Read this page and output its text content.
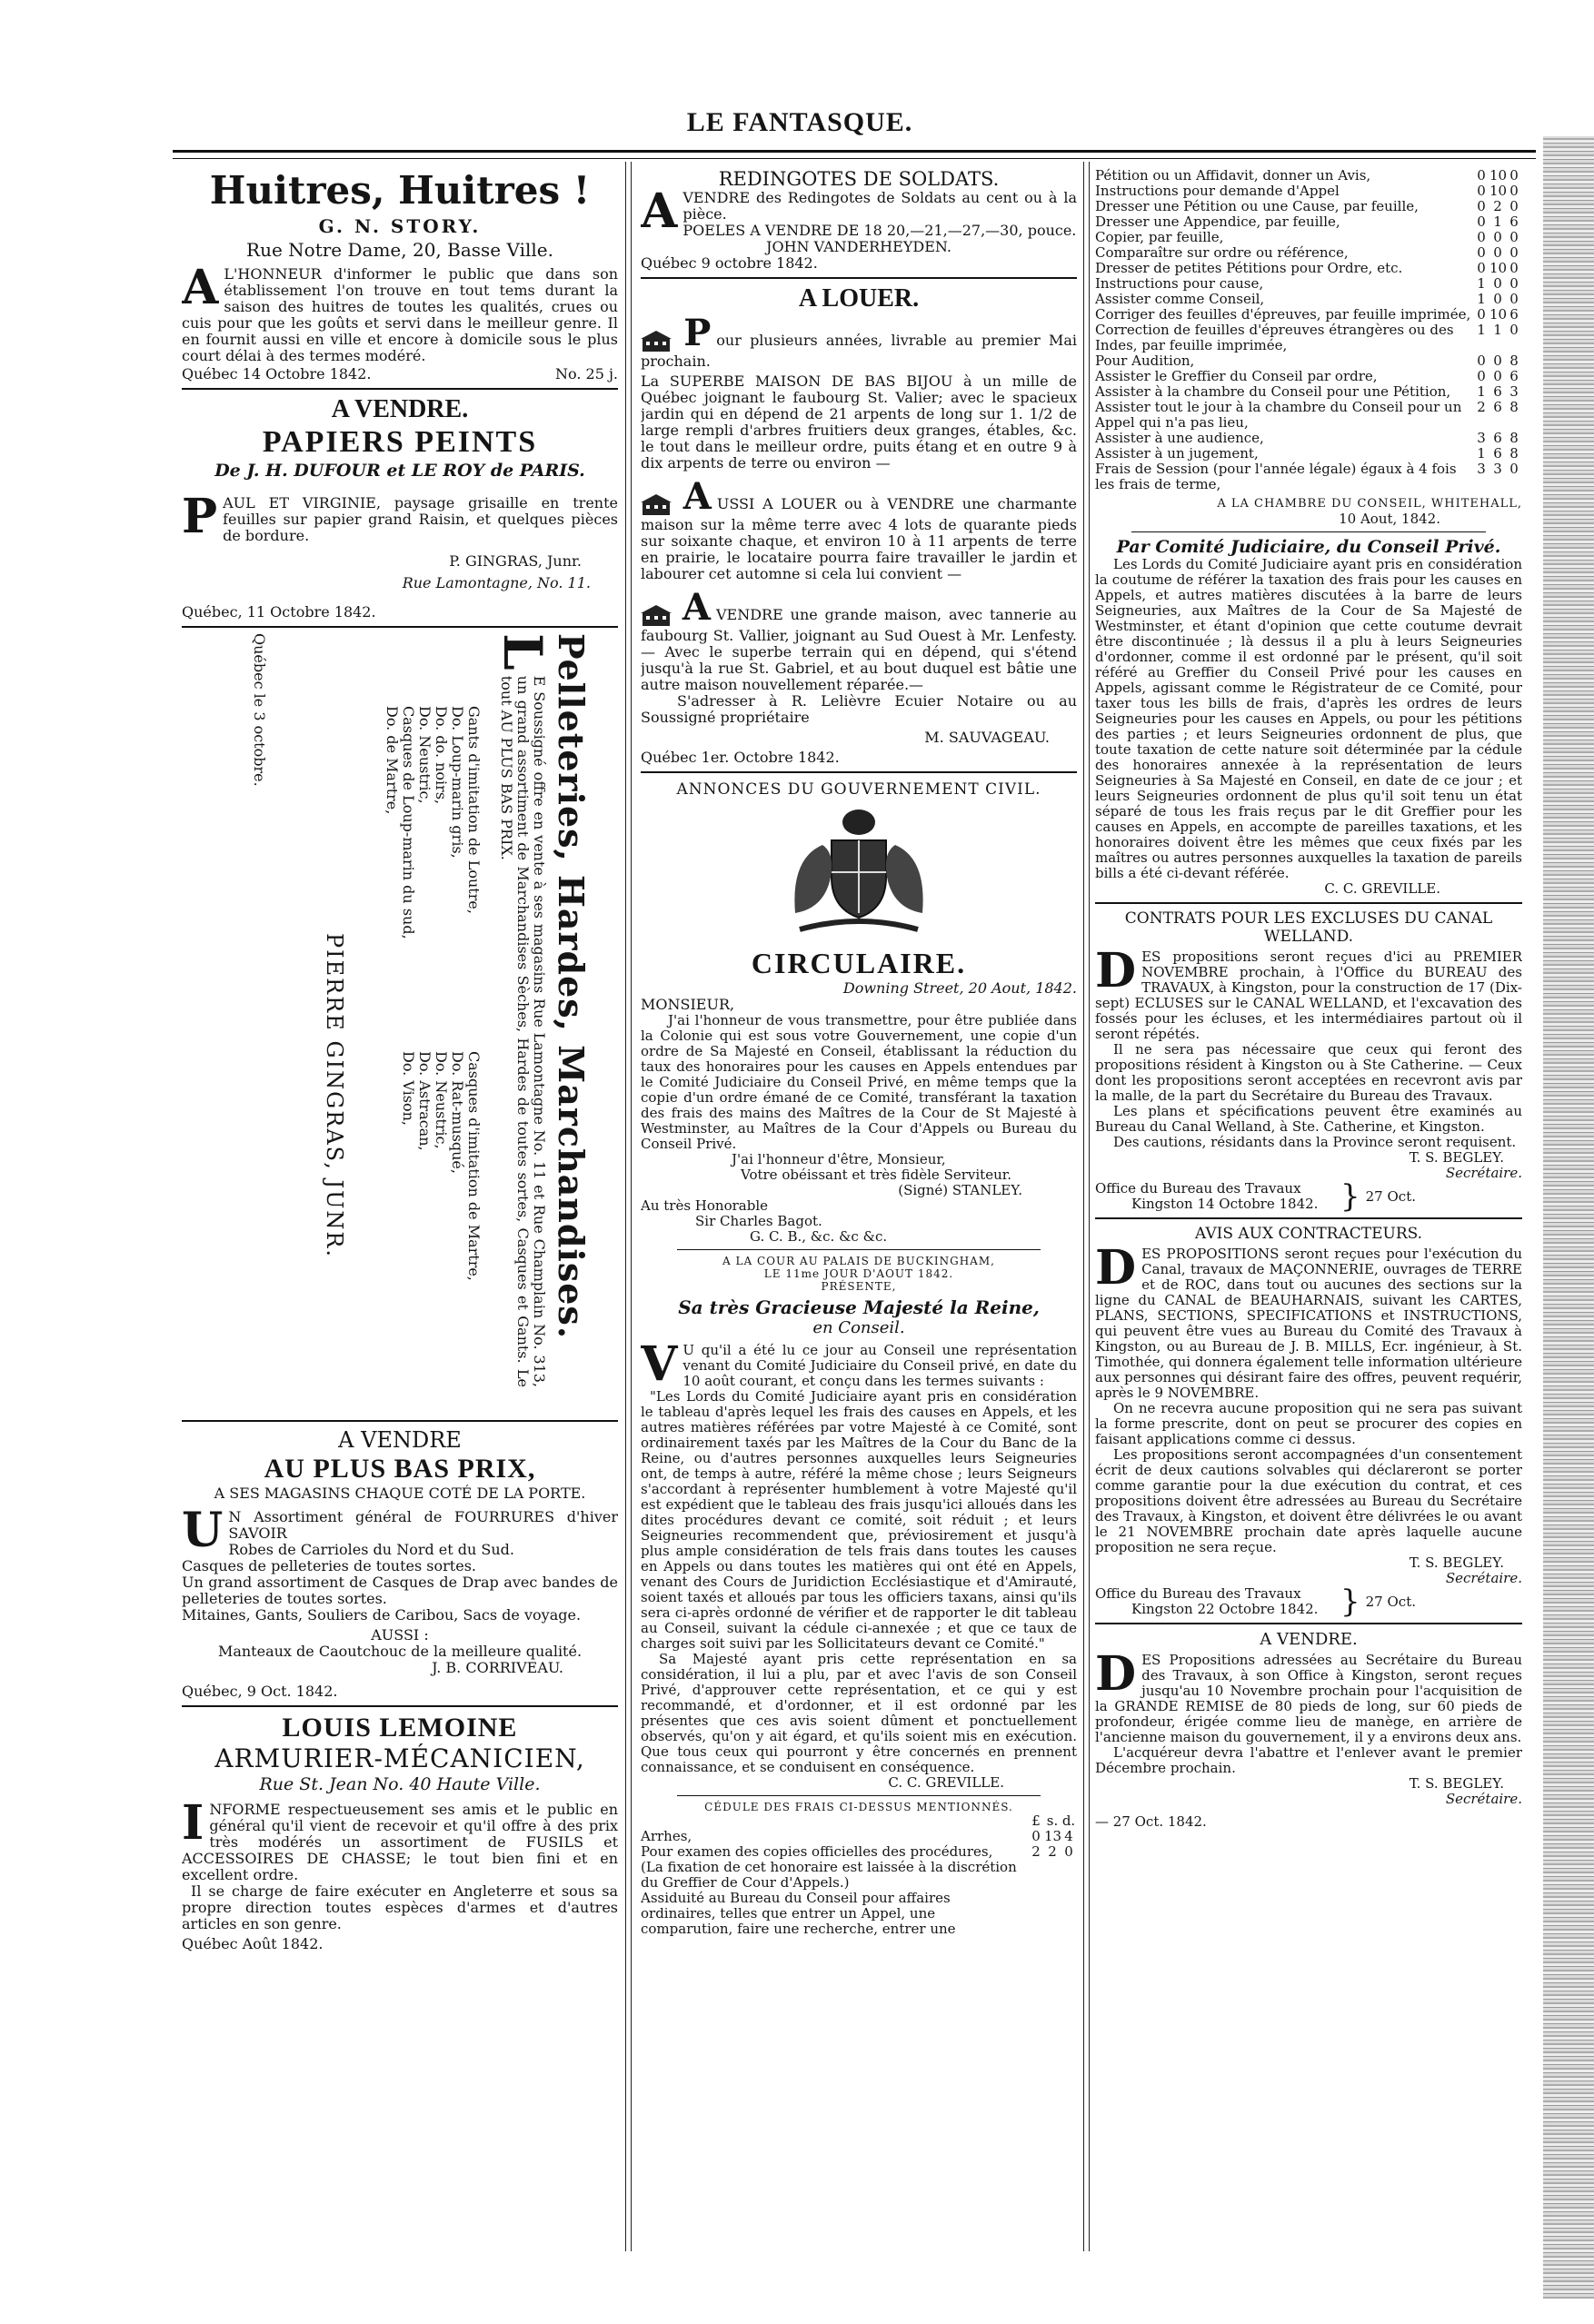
LE FANTASQUE.

Huitres, Huitres !

G. N. STORY.

Rue Notre Dame, 20, Basse Ville.

A L'HONNEUR d'informer le public que dans son établissement l'on trouve en tout tems durant la saison des huitres de toutes les qualités, crues ou cuis pour que les goûts et servi dans le meilleur genre. Il en fournit aussi en ville et encore à domicile sous le plus court délai à des termes modéré.

Québec 14 Octobre 1842.	No. 25 j.

A VENDRE.

PAPIERS PEINTS

De J. H. DUFOUR et LE ROY de PARIS.

PAUL ET VIRGINIE, paysage grisaille en trente feuilles sur papier grand Raisin, et quelques pièces de bordure.

P. GINGRAS, Junr.

Rue Lamontagne, No. 11.

Québec, 11 Octobre 1842.

Pelleteries, Hardes, Marchandises.

L
E Soussigné offre en vente à ses magasins Rue Lamontagne No. 11 et Rue Champlain No. 313, un grand assortiment de Marchandises Sèches, Hardes de toutes sortes, Casques et Gants. Le tout AU PLUS BAS PRIX.

Gants d'imitation de Loutre,

Do. Loup-marin gris,

Do. do. noirs,

Do. Neustric,

Casques de Loup-marin du sud,

Do. de Martre,

Casques d'imitation de Martre,

Do. Rat-musqué,

Do. Neustric,

Do. Astracan,

Do. Vison,

PIERRE GINGRAS, JUNR.

Québec le 3 octobre.

A VENDRE

AU PLUS BAS PRIX,

A SES MAGASINS CHAQUE COTÉ DE LA PORTE.

U N Assortiment général de FOURRURES d'hiver SAVOIR

Robes de Carrioles du Nord et du Sud.

Casques de pelleteries de toutes sortes.

Un grand assortiment de Casques de Drap avec bandes de pelleteries de toutes sortes.

Mitaines, Gants, Souliers de Caribou, Sacs de voyage.

AUSSI :

Manteaux de Caoutchouc de la meilleure qualité.

J. B. CORRIVEAU.

Québec, 9 Oct. 1842.

LOUIS LEMOINE

ARMURIER-MÉCANICIEN,

Rue St. Jean No. 40 Haute Ville.

INFORME respectueusement ses amis et le public en général qu'il vient de recevoir et qu'il offre à des prix très modérés un assortiment de FUSILS et ACCESSOIRES DE CHASSE; le tout bien fini et en excellent ordre.

Il se charge de faire exécuter en Angleterre et sous sa propre direction toutes espèces d'armes et d'autres articles en son genre.

Québec Août 1842.

REDINGOTES DE SOLDATS.

AVENDRE des Redingotes de Soldats au cent ou à la pièce.

POELES A VENDRE DE 18 20,—21,—27,—30, pouce.

JOHN VANDERHEYDEN.

Québec 9 octobre 1842.

A LOUER.

Pour plusieurs années, livrable au premier Mai prochain.

La SUPERBE MAISON DE BAS BIJOU à un mille de Québec joignant le faubourg St. Valier; avec le spacieux jardin qui en dépend de 21 arpents de long sur 1. 1/2 de large rempli d'arbres fruitiers deux granges, étables, &c. le tout dans le meilleur ordre, puits étang et en outre 9 à dix arpents de terre ou environ —

AUSSI A LOUER ou à VENDRE une charmante maison sur la même terre avec 4 lots de quarante pieds sur soixante chaque, et environ 10 à 11 arpents de terre en prairie, le locataire pourra faire travailler le jardin et labourer cet automne si cela lui convient —

AVENDRE une grande maison, avec tannerie au faubourg St. Vallier, joignant au Sud Ouest à Mr. Lenfesty.— Avec le superbe terrain qui en dépend, qui s'étend jusqu'à la rue St. Gabriel, et au bout duquel est bâtie une autre maison nouvellement réparée.—

S'adresser à R. Lelièvre Ecuier Notaire ou au Soussigné propriétaire

M. SAUVAGEAU.

Québec 1er. Octobre 1842.

ANNONCES DU GOUVERNEMENT CIVIL.

CIRCULAIRE.

Downing Street, 20 Aout, 1842.

MONSIEUR,

J'ai l'honneur de vous transmettre, pour être publiée dans la Colonie qui est sous votre Gouvernement, une copie d'un ordre de Sa Majesté en Conseil, établissant la réduction du taux des honoraires pour les causes en Appels entendues par le Comité Judiciaire du Conseil Privé, en même temps que la copie d'un ordre émané de ce Comité, transférant la taxation des frais des mains des Maîtres de la Cour de St Majesté à Westminster, au Maîtres de la Cour d'Appels ou Bureau du Conseil Privé.

J'ai l'honneur d'être, Monsieur,

Votre obéissant et très fidèle Serviteur.

(Signé) STANLEY.

Au très Honorable

Sir Charles Bagot.

G. C. B., &c. &c &c.

A LA COUR AU PALAIS DE BUCKINGHAM,

LE 11me JOUR D'AOUT 1842.

PRÉSENTE,

Sa très Gracieuse Majesté la Reine,

en Conseil.

V U qu'il a été lu ce jour au Conseil une représentation venant du Comité Judiciaire du Conseil privé, en date du 10 août courant, et conçu dans les termes suivants :

"Les Lords du Comité Judiciaire ayant pris en considération le tableau d'après lequel les frais des causes en Appels, et les autres matières référées par votre Majesté à ce Comité, sont ordinairement taxés par les Maîtres de la Cour du Banc de la Reine, ou d'autres personnes auxquelles leurs Seigneuries ont, de temps à autre, référé la même chose ; leurs Seigneurs s'accordant à représenter humblement à votre Majesté qu'il est expédient que le tableau des frais jusqu'ici alloués dans les dites procédures devant ce comité, soit réduit ; et leurs Seigneuries recommendent que, préviosirement et jusqu'à plus ample considération de tels frais dans toutes les causes en Appels ou dans toutes les matières qui ont été en Appels, venant des Cours de Juridiction Ecclésiastique et d'Amirauté, soient taxés et alloués par tous les officiers taxans, ainsi qu'ils sera ci-après ordonné de vérifier et de rapporter le dit tableau au Conseil, suivant la cédule ci-annexée ; et que ce taux de charges soit suivi par les Sollicitateurs devant ce Comité."

Sa Majesté ayant pris cette représentation en sa considération, il lui a plu, par et avec l'avis de son Conseil Privé, d'approuver cette représentation, et ce qui y est recommandé, et d'ordonner, et il est ordonné par les présentes que ces avis soient dûment et ponctuellement observés, qu'on y ait égard, et qu'ils soient mis en exécution. Que tous ceux qui pourront y être concernés en prennent connaissance, et se conduisent en conséquence.

C. C. GREVILLE.

CÉDULE DES FRAIS CI-DESSUS MENTIONNÉS.

£ s. d.
Arrhes,	0 13 4
Pour examen des copies officielles des procédures,	2 2 0
(La fixation de cet honoraire est laissée à la discrétion du Greffier de Cour d'Appels.)
Assiduité au Bureau du Conseil pour affaires ordinaires, telles que entrer un Appel, une comparution, faire une recherche, entrer une
Pétition ou un Affidavit, donner un Avis,	0 10 0
Instructions pour demande d'Appel	0 10 0
Dresser une Pétition ou une Cause, par feuille,	0 2 0
Dresser une Appendice, par feuille,	0 1 6
Copier, par feuille,	0 0 0
Comparaître sur ordre ou référence,	0 0 0
Dresser de petites Pétitions pour Ordre, etc.	0 10 0
Instructions pour cause,	1 0 0
Assister comme Conseil,	1 0 0
Corriger des feuilles d'épreuves, par feuille imprimée, 0 10 6
Correction de feuilles d'épreuves étrangères ou des Indes, par feuille imprimée,
1 1 0
Pour Audition,	0 0 8
Assister le Greffier du Conseil par ordre,	0 0 6
Assister à la chambre du Conseil pour une Pétition,	1 6 3
Assister tout le jour à la chambre du Conseil pour un Appel qui n'a pas lieu,
2 6 8
Assister à une audience,	3 6 8
Assister à un jugement,	1 6 8
Frais de Session (pour l'année légale) égaux à 4 fois les frais de terme,
3 3 0

A LA CHAMBRE DU CONSEIL, WHITEHALL,

10 Aout, 1842.

Par Comité Judiciaire, du Conseil Privé.

Les Lords du Comité Judiciaire ayant pris en considération la coutume de référer la taxation des frais pour les causes en Appels, et autres matières discutées à la barre de leurs Seigneuries, aux Maîtres de la Cour de Sa Majesté de Westminster, et étant d'opinion que cette coutume devrait être discontinuée ; là dessus il a plu à leurs Seigneuries d'ordonner, comme il est ordonné par le présent, qu'il soit référé au Greffier du Conseil Privé pour les causes en Appels, agissant comme le Régistrateur de ce Comité, pour taxer tous les bills de frais, d'après les ordres de leurs Seigneuries pour les causes en Appels, ou pour les pétitions des parties ; et leurs Seigneuries ordonnent de plus, que toute taxation de cette nature soit déterminée par la cédule des honoraires annexée à la représentation de leurs Seigneuries à Sa Majesté en Conseil, en date de ce jour ; et leurs Seigneuries ordonnent de plus qu'il soit tenu un état séparé de tous les frais reçus par le dit Greffier pour les causes en Appels, en accompte de pareilles taxations, et les honoraires doivent être les mêmes que ceux fixés par les maîtres ou autres personnes auxquelles la taxation de pareils bills a été ci-devant référée.

C. C. GREVILLE.

CONTRATS POUR LES EXCLUSES DU CANAL WELLAND.

DES propositions seront reçues d'ici au PREMIER NOVEMBRE prochain, à l'Office du BUREAU des TRAVAUX, à Kingston, pour la construction de 17 (Dix-sept) ECLUSES sur le CANAL WELLAND, et l'excavation des fossés pour les écluses, et les intermédiaires partout où il seront répétés.

Il ne sera pas nécessaire que ceux qui feront des propositions résident à Kingston ou à Ste Catherine. — Ceux dont les propositions seront acceptées en recevront avis par la malle, de la part du Secrétaire du Bureau des Travaux.

Les plans et spécifications peuvent être examinés au Bureau du Canal Welland, à Ste. Catherine, et Kingston.

Des cautions, résidants dans la Province seront requisent.

T. S. BEGLEY.

Secrétaire.

Office du Bureau des Travaux

Kingston 14 Octobre 1842. } 27 Oct.

AVIS AUX CONTRACTEURS.

DES PROPOSITIONS seront reçues pour l'exécution du Canal, travaux de MAÇONNERIE, ouvrages de TERRE et de ROC, dans tout ou aucunes des sections sur la ligne du CANAL de BEAUHARNAIS, suivant les CARTES, PLANS, SECTIONS, SPECIFICATIONS et INSTRUCTIONS, qui peuvent être vues au Bureau du Comité des Travaux à Kingston, ou au Bureau de J. B. MILLS, Ecr. ingénieur, à St. Timothée, qui donnera également telle information ultérieure aux personnes qui désirant faire des offres, peuvent requérir, après le 9 NOVEMBRE.

On ne recevra aucune proposition qui ne sera pas suivant la forme prescrite, dont on peut se procurer des copies en faisant applications comme ci dessus.

Les propositions seront accompagnées d'un consentement écrit de deux cautions solvables qui déclareront se porter comme garantie pour la due exécution du contrat, et ces propositions doivent être adressées au Bureau du Secrétaire des Travaux, à Kingston, et doivent être délivrées le ou avant le 21 NOVEMBRE prochain date après laquelle aucune proposition ne sera reçue.

T. S. BEGLEY.

Secrétaire.

Office du Bureau des Travaux

Kingston 22 Octobre 1842. } 27 Oct.

A VENDRE.

DES Propositions adressées au Secrétaire du Bureau des Travaux, à son Office à Kingston, seront reçues jusqu'au 10 Novembre prochain pour l'acquisition de la GRANDE REMISE de 80 pieds de long, sur 60 pieds de profondeur, érigée comme lieu de manège, en arrière de l'ancienne maison du gouvernement, il y a environs deux ans.

L'acquéreur devra l'abattre et l'enlever avant le premier Décembre prochain.

T. S. BEGLEY.

Secrétaire.

— 27 Oct. 1842.
